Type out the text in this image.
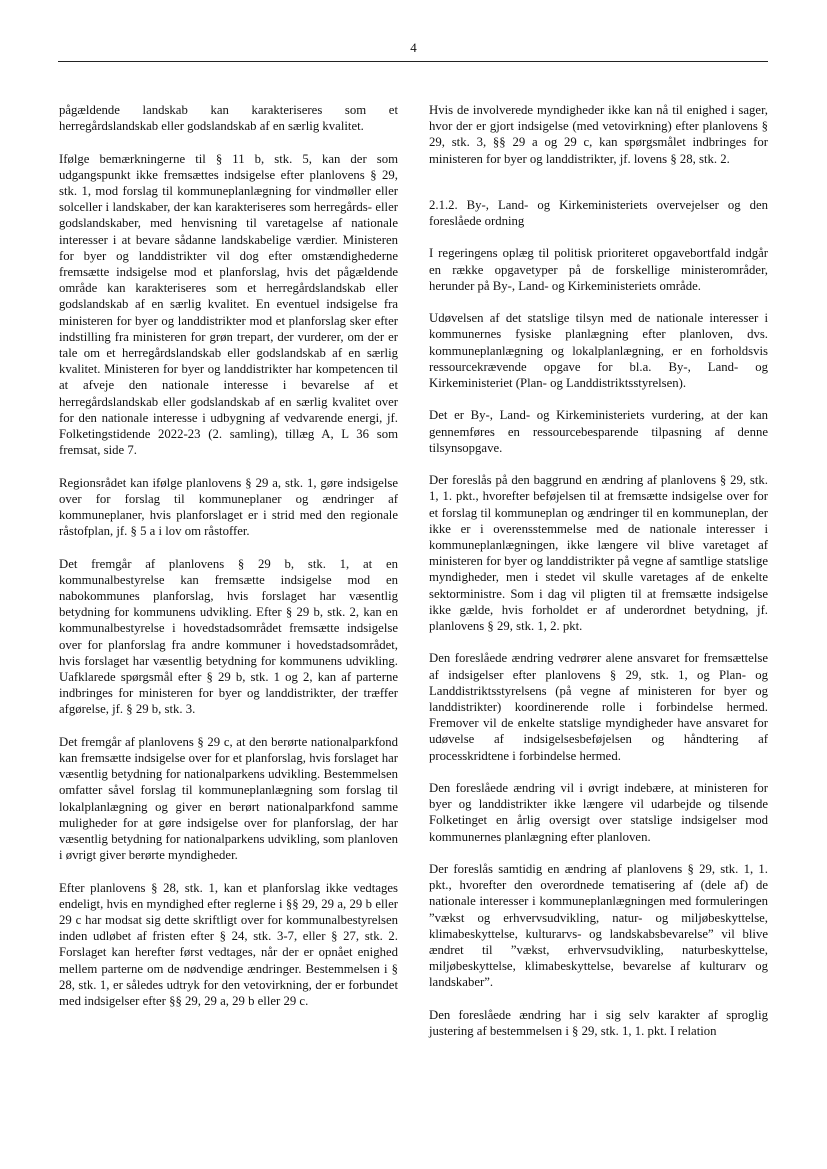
4

pågældende landskab kan karakteriseres som et herregårdslandskab eller godslandskab af en særlig kvalitet.

Ifølge bemærkningerne til § 11 b, stk. 5, kan der som udgangspunkt ikke fremsættes indsigelse efter planlovens § 29, stk. 1, mod forslag til kommuneplanlægning for vindmøller eller solceller i landskaber, der kan karakteriseres som herregårds- eller godslandskaber, med henvisning til varetagelse af nationale interesser i at bevare sådanne landskabelige værdier. Ministeren for byer og landdistrikter vil dog efter omstændighederne fremsætte indsigelse mod et planforslag, hvis det pågældende område kan karakteriseres som et herregårdslandskab eller godslandskab af en særlig kvalitet. En eventuel indsigelse fra ministeren for byer og landdistrikter mod et planforslag sker efter indstilling fra ministeren for grøn trepart, der vurderer, om der er tale om et herregårdslandskab eller godslandskab af en særlig kvalitet. Ministeren for byer og landdistrikter har kompetencen til at afveje den nationale interesse i bevarelse af et herregårdslandskab eller godslandskab af en særlig kvalitet over for den nationale interesse i udbygning af vedvarende energi, jf. Folketingstidende 2022-23 (2. samling), tillæg A, L 36 som fremsat, side 7.

Regionsrådet kan ifølge planlovens § 29 a, stk. 1, gøre indsigelse over for forslag til kommuneplaner og ændringer af kommuneplaner, hvis planforslaget er i strid med den regionale råstofplan, jf. § 5 a i lov om råstoffer.

Det fremgår af planlovens § 29 b, stk. 1, at en kommunalbestyrelse kan fremsætte indsigelse mod en nabokommunes planforslag, hvis forslaget har væsentlig betydning for kommunens udvikling. Efter § 29 b, stk. 2, kan en kommunalbestyrelse i hovedstadsområdet fremsætte indsigelse over for planforslag fra andre kommuner i hovedstadsområdet, hvis forslaget har væsentlig betydning for kommunens udvikling. Uafklarede spørgsmål efter § 29 b, stk. 1 og 2, kan af parterne indbringes for ministeren for byer og landdistrikter, der træffer afgørelse, jf. § 29 b, stk. 3.

Det fremgår af planlovens § 29 c, at den berørte nationalparkfond kan fremsætte indsigelse over for et planforslag, hvis forslaget har væsentlig betydning for nationalparkens udvikling. Bestemmelsen omfatter såvel forslag til kommuneplanlægning som forslag til lokalplanlægning og giver en berørt nationalparkfond samme muligheder for at gøre indsigelse over for planforslag, der har væsentlig betydning for nationalparkens udvikling, som planloven i øvrigt giver berørte myndigheder.

Efter planlovens § 28, stk. 1, kan et planforslag ikke vedtages endeligt, hvis en myndighed efter reglerne i §§ 29, 29 a, 29 b eller 29 c har modsat sig dette skriftligt over for kommunalbestyrelsen inden udløbet af fristen efter § 24, stk. 3-7, eller § 27, stk. 2. Forslaget kan herefter først vedtages, når der er opnået enighed mellem parterne om de nødvendige ændringer. Bestemmelsen i § 28, stk. 1, er således udtryk for den vetovirkning, der er forbundet med indsigelser efter §§ 29, 29 a, 29 b eller 29 c.

Hvis de involverede myndigheder ikke kan nå til enighed i sager, hvor der er gjort indsigelse (med vetovirkning) efter planlovens § 29, stk. 3, §§ 29 a og 29 c, kan spørgsmålet indbringes for ministeren for byer og landdistrikter, jf. lovens § 28, stk. 2.

2.1.2. By-, Land- og Kirkeministeriets overvejelser og den foreslåede ordning

I regeringens oplæg til politisk prioriteret opgavebortfald indgår en række opgavetyper på de forskellige ministerområder, herunder på By-, Land- og Kirkeministeriets område.

Udøvelsen af det statslige tilsyn med de nationale interesser i kommunernes fysiske planlægning efter planloven, dvs. kommuneplanlægning og lokalplanlægning, er en forholdsvis ressourcekrævende opgave for bl.a. By-, Land- og Kirkeministeriet (Plan- og Landdistriktsstyrelsen).

Det er By-, Land- og Kirkeministeriets vurdering, at der kan gennemføres en ressourcebesparende tilpasning af denne tilsynsopgave.

Der foreslås på den baggrund en ændring af planlovens § 29, stk. 1, 1. pkt., hvorefter beføjelsen til at fremsætte indsigelse over for et forslag til kommuneplan og ændringer til en kommuneplan, der ikke er i overensstemmelse med de nationale interesser i kommuneplanlægningen, ikke længere vil blive varetaget af ministeren for byer og landdistrikter på vegne af samtlige statslige myndigheder, men i stedet vil skulle varetages af de enkelte sektorministre. Som i dag vil pligten til at fremsætte indsigelse ikke gælde, hvis forholdet er af underordnet betydning, jf. planlovens § 29, stk. 1, 2. pkt.

Den foreslåede ændring vedrører alene ansvaret for fremsættelse af indsigelser efter planlovens § 29, stk. 1, og Plan- og Landdistriktsstyrelsens (på vegne af ministeren for byer og landdistrikter) koordinerende rolle i forbindelse hermed. Fremover vil de enkelte statslige myndigheder have ansvaret for udøvelse af indsigelsesbeføjelsen og håndtering af processkridtene i forbindelse hermed.

Den foreslåede ændring vil i øvrigt indebære, at ministeren for byer og landdistrikter ikke længere vil udarbejde og tilsende Folketinget en årlig oversigt over statslige indsigelser mod kommunernes planlægning efter planloven.

Der foreslås samtidig en ændring af planlovens § 29, stk. 1, 1. pkt., hvorefter den overordnede tematisering af (dele af) de nationale interesser i kommuneplanlægningen med formuleringen ”vækst og erhvervsudvikling, natur- og miljøbeskyttelse, klimabeskyttelse, kulturarvs- og landskabsbevarelse” vil blive ændret til ”vækst, erhvervsudvikling, naturbeskyttelse, miljøbeskyttelse, klimabeskyttelse, bevarelse af kulturarv og landskaber”.

Den foreslåede ændring har i sig selv karakter af sproglig justering af bestemmelsen i § 29, stk. 1, 1. pkt. I relation
